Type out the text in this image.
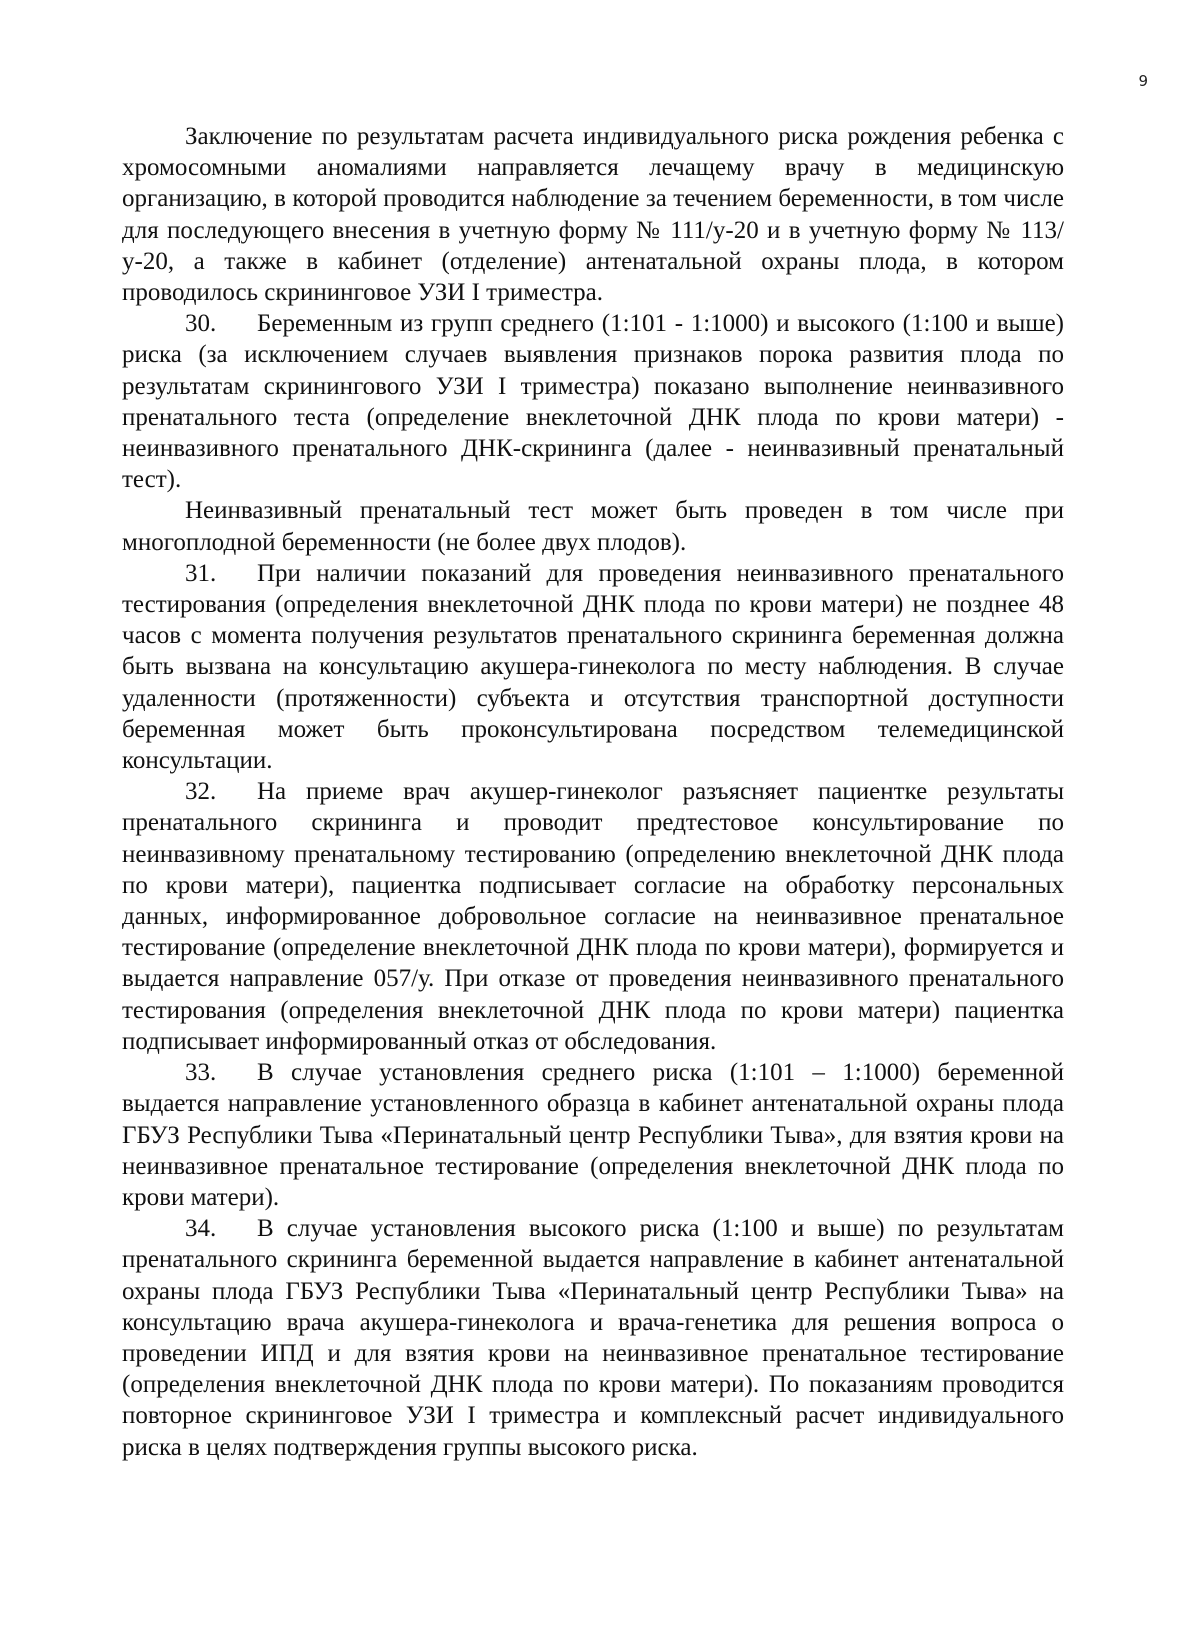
9

Заключение по результатам расчета индивидуального риска рождения ребенка с хромосомными аномалиями направляется лечащему врачу в медицинскую организацию, в которой проводится наблюдение за течением беременности, в том числе для последующего внесения в учетную форму № 111/у-20 и в учетную форму № 113/у-20, а также в кабинет (отделение) антенатальной охраны плода, в котором проводилось скрининговое УЗИ I триместра.

30. Беременным из групп среднего (1:101 - 1:1000) и высокого (1:100 и выше) риска (за исключением случаев выявления признаков порока развития плода по результатам скринингового УЗИ I триместра) показано выполнение неинвазивного пренатального теста (определение внеклеточной ДНК плода по крови матери) - неинвазивного пренатального ДНК-скрининга (далее - неинвазивный пренатальный тест).

Неинвазивный пренатальный тест может быть проведен в том числе при многоплодной беременности (не более двух плодов).

31. При наличии показаний для проведения неинвазивного пренатального тестирования (определения внеклеточной ДНК плода по крови матери) не позднее 48 часов с момента получения результатов пренатального скрининга беременная должна быть вызвана на консультацию акушера-гинеколога по месту наблюдения. В случае удаленности (протяженности) субъекта и отсутствия транспортной доступности беременная может быть проконсультирована посредством телемедицинской консультации.

32. На приеме врач акушер-гинеколог разъясняет пациентке результаты пренатального скрининга и проводит предтестовое консультирование по неинвазивному пренатальному тестированию (определению внеклеточной ДНК плода по крови матери), пациентка подписывает согласие на обработку персональных данных, информированное добровольное согласие на неинвазивное пренатальное тестирование (определение внеклеточной ДНК плода по крови матери), формируется и выдается направление 057/у. При отказе от проведения неинвазивного пренатального тестирования (определения внеклеточной ДНК плода по крови матери) пациентка подписывает информированный отказ от обследования.

33. В случае установления среднего риска (1:101 – 1:1000) беременной выдается направление установленного образца в кабинет антенатальной охраны плода ГБУЗ Республики Тыва «Перинатальный центр Республики Тыва», для взятия крови на неинвазивное пренатальное тестирование (определения внеклеточной ДНК плода по крови матери).

34. В случае установления высокого риска (1:100 и выше) по результатам пренатального скрининга беременной выдается направление в кабинет антенатальной охраны плода ГБУЗ Республики Тыва «Перинатальный центр Республики Тыва» на консультацию врача акушера-гинеколога и врача-генетика для решения вопроса о проведении ИПД и для взятия крови на неинвазивное пренатальное тестирование (определения внеклеточной ДНК плода по крови матери). По показаниям проводится повторное скрининговое УЗИ I триместра и комплексный расчет индивидуального риска в целях подтверждения группы высокого риска.
